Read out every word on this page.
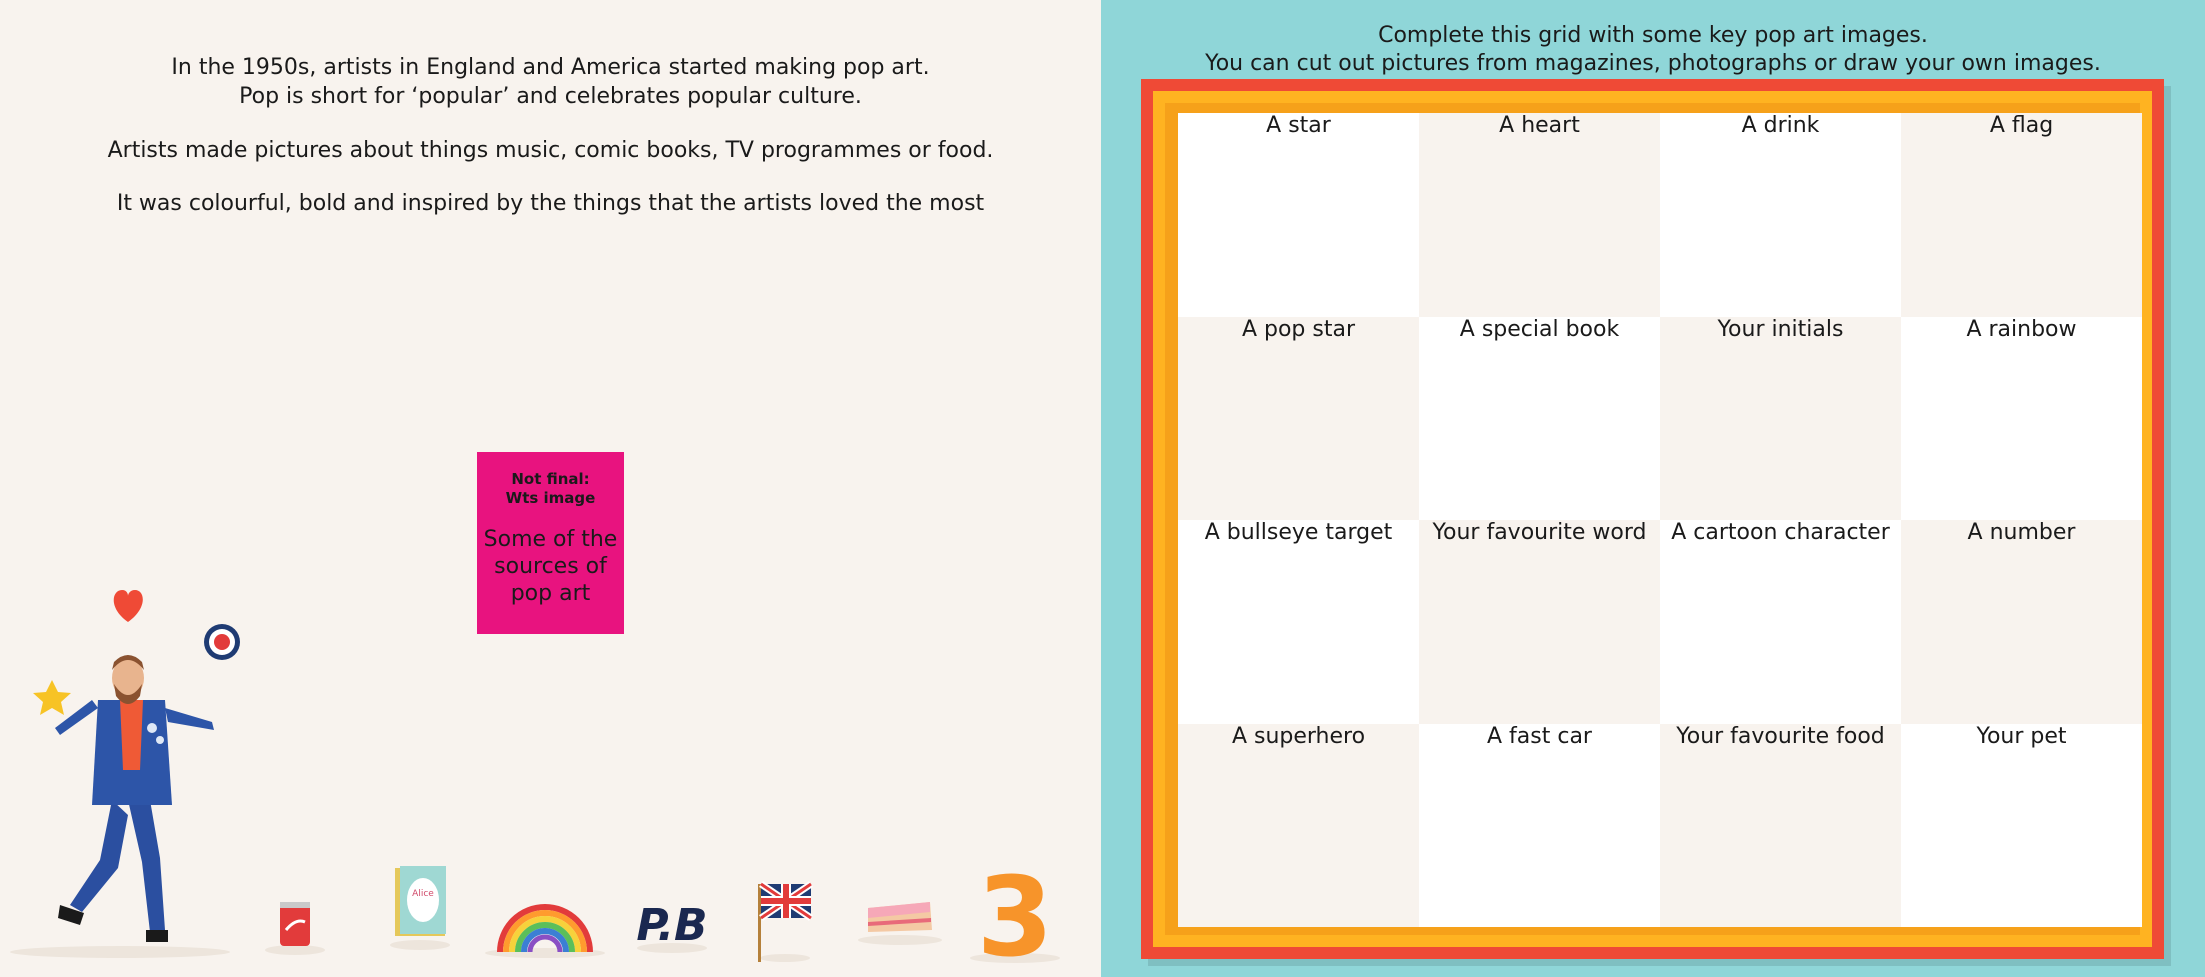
In the 1950s, artists in England and America started making pop art.

Pop is short for ‘popular’ and celebrates popular culture.

Artists made pictures about things music, comic books, TV programmes or food.

It was colourful, bold and inspired by the things that the artists loved the most

Not final:
Wts image
Some of the
sources of
pop art
Alice
P.B 3
Complete this grid with some key pop art images.
You can cut out pictures from magazines, photographs or draw your own images.
A star	A heart	A drink	A flag
A pop star	A special book	Your initials	A rainbow
A bullseye target	Your favourite word	A cartoon character	A number
A superhero	A fast car	Your favourite food	Your pet
